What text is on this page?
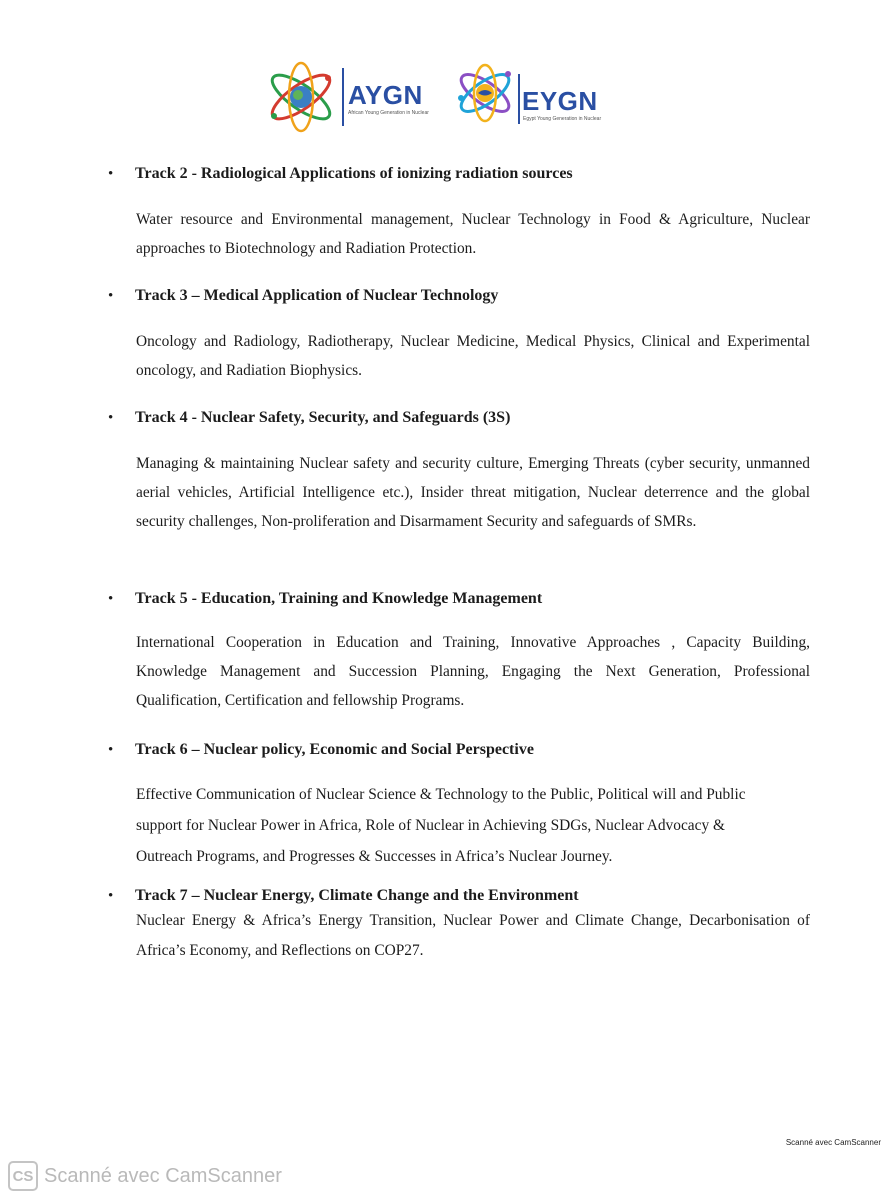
AYGN
African Young Generation in Nuclear	EYGN
Egypt Young Generation in Nuclear
• Track 2 - Radiological Applications of ionizing radiation sources

Water resource and Environmental management, Nuclear Technology in Food & Agriculture, Nuclear approaches to Biotechnology and Radiation Protection.

• Track 3 – Medical Application of Nuclear Technology

Oncology and Radiology, Radiotherapy, Nuclear Medicine, Medical Physics, Clinical and Experimental oncology, and Radiation Biophysics.

• Track 4 - Nuclear Safety, Security, and Safeguards (3S)

Managing & maintaining Nuclear safety and security culture, Emerging Threats (cyber security, unmanned aerial vehicles, Artificial Intelligence etc.), Insider threat mitigation, Nuclear deterrence and the global security challenges, Non-proliferation and Disarmament Security and safeguards of SMRs.

• Track 5 - Education, Training and Knowledge Management

International Cooperation in Education and Training, Innovative Approaches , Capacity Building, Knowledge Management and Succession Planning, Engaging the Next Generation, Professional Qualification, Certification and fellowship Programs.

• Track 6 – Nuclear policy, Economic and Social Perspective

Effective Communication of Nuclear Science & Technology to the Public, Political will and Public support for Nuclear Power in Africa, Role of Nuclear in Achieving SDGs, Nuclear Advocacy & Outreach Programs, and Progresses & Successes in Africa’s Nuclear Journey.

• Track 7 – Nuclear Energy, Climate Change and the Environment

Nuclear Energy & Africa’s Energy Transition, Nuclear Power and Climate Change, Decarbonisation of Africa’s Economy, and Reflections on COP27.

Scanné avec CamScanner
CS Scanné avec CamScanner
